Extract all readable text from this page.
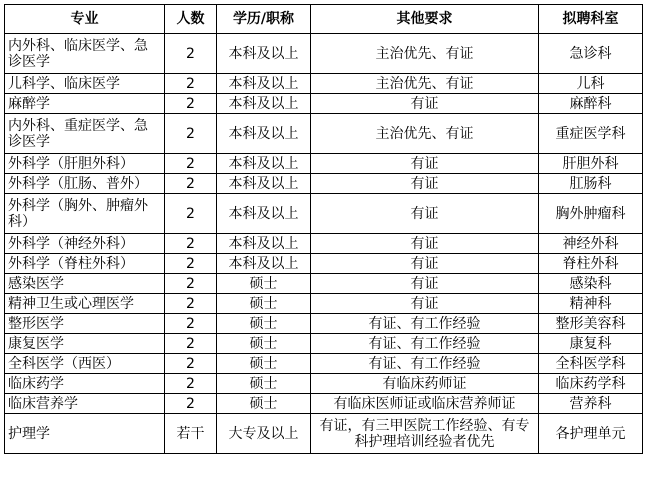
专业	人数	学历/职称	其他要求	拟聘科室
内外科、临床医学、急诊医学	2	本科及以上	主治优先、有证	急诊科
儿科学、临床医学	2	本科及以上	主治优先、有证	儿科
麻醉学	2	本科及以上	有证	麻醉科
内外科、重症医学、急诊医学	2	本科及以上	主治优先、有证	重症医学科
外科学（肝胆外科）	2	本科及以上	有证	肝胆外科
外科学（肛肠、普外）	2	本科及以上	有证	肛肠科
外科学（胸外、肿瘤外科）	2	本科及以上	有证	胸外肿瘤科
外科学（神经外科）	2	本科及以上	有证	神经外科
外科学（脊柱外科）	2	本科及以上	有证	脊柱外科
感染医学	2	硕士	有证	感染科
精神卫生或心理医学	2	硕士	有证	精神科
整形医学	2	硕士	有证、有工作经验	整形美容科
康复医学	2	硕士	有证、有工作经验	康复科
全科医学（西医）	2	硕士	有证、有工作经验	全科医学科
临床药学	2	硕士	有临床药师证	临床药学科
临床营养学	2	硕士	有临床医师证或临床营养师证	营养科
护理学	若干	大专及以上	有证，有三甲医院工作经验、有专科护理培训经验者优先	各护理单元
